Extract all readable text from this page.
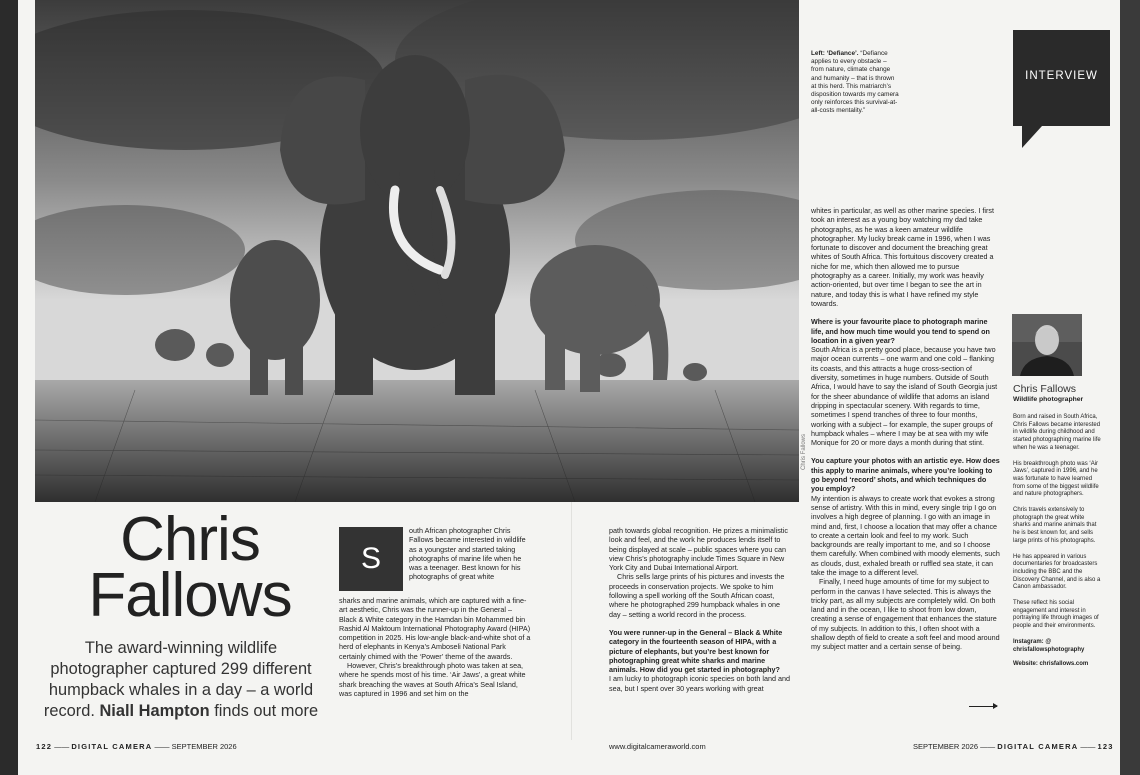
Chris Fallows
Left: ‘Defiance’. “Defiance applies to every obstacle – from nature, climate change and humanity – that is thrown at this herd. This matriarch’s disposition towards my camera only reinforces this survival-at-all-costs mentality.”
INTERVIEW
Chris
Fallows
The award-winning wildlife photographer captured 299 different humpback whales in a day – a world record. Niall Hampton finds out more
S

outh African photographer Chris Fallows became interested in wildlife as a youngster and started taking photographs of marine life when he was a teenager. Best known for his photographs of great white

sharks and marine animals, which are captured with a fine-art aesthetic, Chris was the runner-up in the General – Black & White category in the Hamdan bin Mohammed bin Rashid Al Maktoum International Photography Award (HIPA) competition in 2025. His low-angle black-and-white shot of a herd of elephants in Kenya’s Amboseli National Park certainly chimed with the ‘Power’ theme of the awards.

However, Chris’s breakthrough photo was taken at sea, where he spends most of his time. ‘Air Jaws’, a great white shark breaching the waves at South Africa’s Seal Island, was captured in 1996 and set him on the

path towards global recognition. He prizes a minimalistic look and feel, and the work he produces lends itself to being displayed at scale – public spaces where you can view Chris’s photography include Times Square in New York City and Dubai International Airport.

Chris sells large prints of his pictures and invests the proceeds in conservation projects. We spoke to him following a spell working off the South African coast, where he photographed 299 humpback whales in one day – setting a world record in the process.

You were runner-up in the General – Black & White category in the fourteenth season of HIPA, with a picture of elephants, but you’re best known for photographing great white sharks and marine animals. How did you get started in photography?

I am lucky to photograph iconic species on both land and sea, but I spent over 30 years working with great

whites in particular, as well as other marine species. I first took an interest as a young boy watching my dad take photographs, as he was a keen amateur wildlife photographer. My lucky break came in 1996, when I was fortunate to discover and document the breaching great whites of South Africa. This fortuitous discovery created a niche for me, which then allowed me to pursue photography as a career. Initially, my work was heavily action-oriented, but over time I began to see the art in nature, and today this is what I have refined my style towards.

Where is your favourite place to photograph marine life, and how much time would you tend to spend on location in a given year?

South Africa is a pretty good place, because you have two major ocean currents – one warm and one cold – flanking its coasts, and this attracts a huge cross-section of diversity, sometimes in huge numbers. Outside of South Africa, I would have to say the island of South Georgia just for the sheer abundance of wildlife that adorns an island dripping in spectacular scenery. With regards to time, sometimes I spend tranches of three to four months, working with a subject – for example, the super groups of humpback whales – where I may be at sea with my wife Monique for 20 or more days a month during that stint.

You capture your photos with an artistic eye. How does this apply to marine animals, where you’re looking to go beyond ‘record’ shots, and which techniques do you employ?

My intention is always to create work that evokes a strong sense of artistry. With this in mind, every single trip I go on involves a high degree of planning. I go with an image in mind and, first, I choose a location that may offer a chance to create a certain look and feel to my work. Such backgrounds are really important to me, and so I choose them carefully. When combined with moody elements, such as clouds, dust, exhaled breath or ruffled sea state, it can take the image to a different level.

Finally, I need huge amounts of time for my subject to perform in the canvas I have selected. This is always the tricky part, as all my subjects are completely wild. On both land and in the ocean, I like to shoot from low down, creating a sense of engagement that enhances the stature of my subjects. In addition to this, I often shoot with a shallow depth of field to create a soft feel and mood around my subject matter and a certain sense of being.

Chris Fallows
Wildlife photographer

Born and raised in South Africa, Chris Fallows became interested in wildlife during childhood and started photographing marine life when he was a teenager.

His breakthrough photo was ‘Air Jaws’, captured in 1996, and he was fortunate to have learned from some of the biggest wildlife and nature photographers.

Chris travels extensively to photograph the great white sharks and marine animals that he is best known for, and sells large prints of his photographs.

He has appeared in various documentaries for broadcasters including the BBC and the Discovery Channel, and is also a Canon ambassador.

These reflect his social engagement and interest in portraying life through images of people and their environments.

Instagram: @
chrisfallowsphotography

Website: chrisfallows.com

122 —— DIGITAL CAMERA —— SEPTEMBER 2026	www.digitalcameraworld.com	SEPTEMBER 2026 —— DIGITAL CAMERA —— 123
